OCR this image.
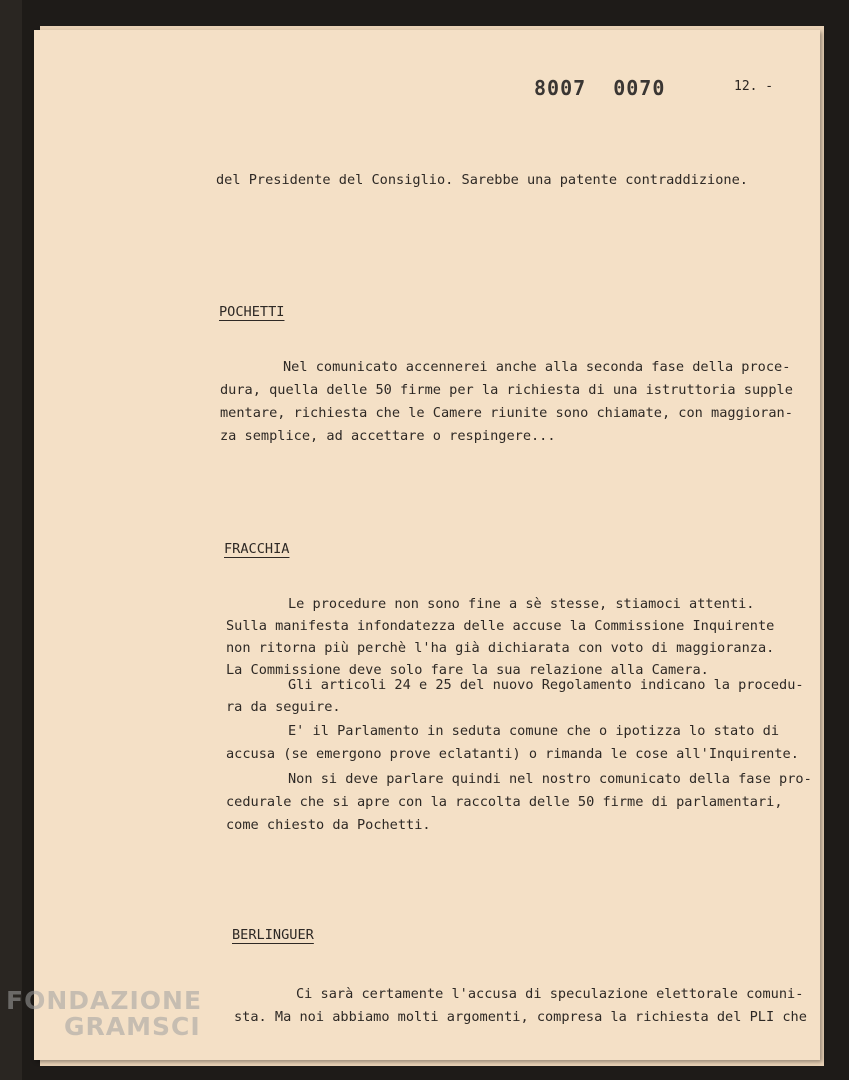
8007 0070	12. -
del Presidente del Consiglio. Sarebbe una patente contraddizione.
POCHETTI
Nel comunicato accennerei anche alla seconda fase della proce-
dura, quella delle 50 firme per la richiesta di una istruttoria supple
mentare, richiesta che le Camere riunite sono chiamate, con maggioran-
za semplice, ad accettare o respingere...
FRACCHIA
Le procedure non sono fine a sè stesse, stiamoci attenti.
Sulla manifesta infondatezza delle accuse la Commissione Inquirente
non ritorna più perchè l'ha già dichiarata con voto di maggioranza.
La Commissione deve solo fare la sua relazione alla Camera.
Gli articoli 24 e 25 del nuovo Regolamento indicano la procedu-
ra da seguire.
E' il Parlamento in seduta comune che o ipotizza lo stato di
accusa (se emergono prove eclatanti) o rimanda le cose all'Inquirente.
Non si deve parlare quindi nel nostro comunicato della fase pro-
cedurale che si apre con la raccolta delle 50 firme di parlamentari,
come chiesto da Pochetti.
BERLINGUER
Ci sarà certamente l'accusa di speculazione elettorale comuni-
sta. Ma noi abbiamo molti argomenti, compresa la richiesta del PLI che
FONDAZIONE
GRAMSCI
